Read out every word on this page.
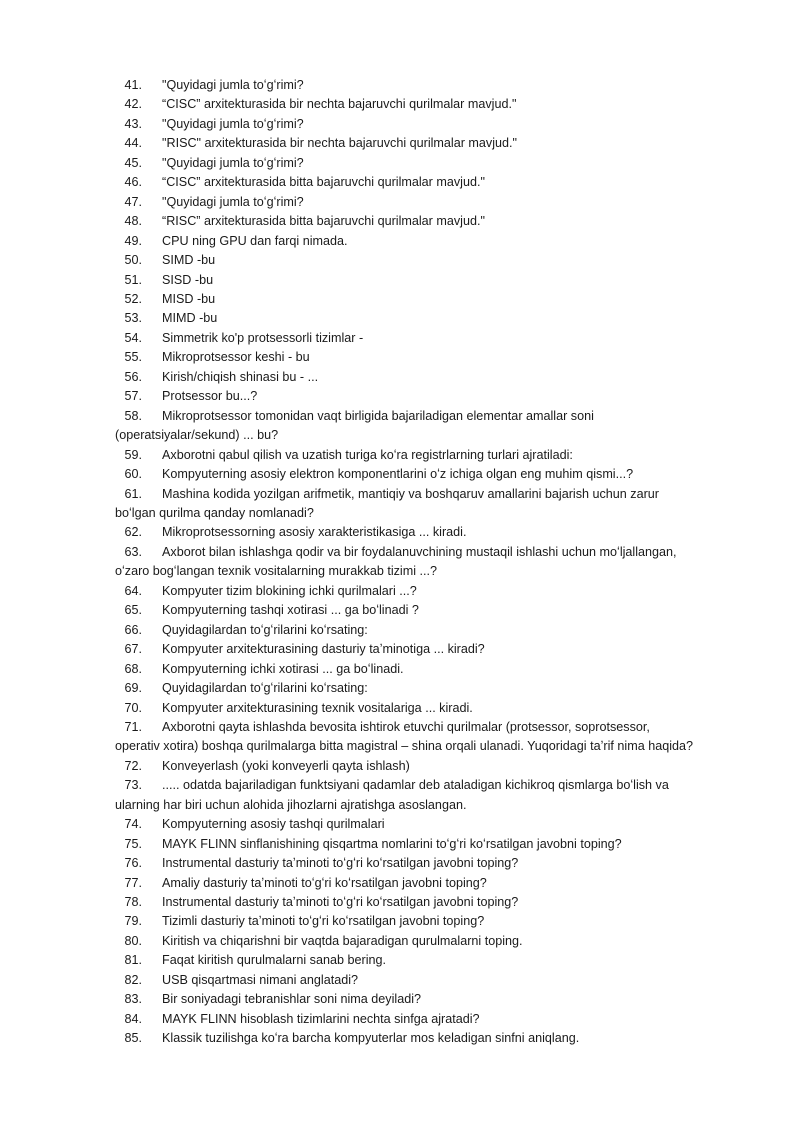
41.	"Quyidagi jumla toʻgʻrimi?
42.	“CISC” arxitekturasida bir nechta bajaruvchi qurilmalar mavjud."
43.	"Quyidagi jumla toʻgʻrimi?
44.	"RISC" arxitekturasida bir nechta bajaruvchi qurilmalar mavjud."
45.	"Quyidagi jumla toʻgʻrimi?
46.	“CISC” arxitekturasida bitta bajaruvchi qurilmalar mavjud."
47.	"Quyidagi jumla toʻgʻrimi?
48.	“RISC” arxitekturasida bitta bajaruvchi qurilmalar mavjud."
49.	CPU ning GPU dan farqi nimada.
50.	SIMD -bu
51.	SISD -bu
52.	MISD -bu
53.	MIMD -bu
54.	Simmetrik ko'p protsessorli tizimlar -
55.	Mikroprotsessor keshi - bu
56.	Kirish/chiqish shinasi bu - ...
57.	Protsessor bu...?
58.	Mikroprotsessor tomonidan vaqt birligida bajariladigan elementar amallar soni
(operatsiyalar/sekund) ... bu?
59.	Axborotni qabul qilish va uzatish turiga koʻra registrlarning turlari ajratiladi:
60.	Kompyuterning asosiy elektron komponentlarini oʻz ichiga olgan eng muhim qismi...?
61.	Mashina kodida yozilgan arifmetik, mantiqiy va boshqaruv amallarini bajarish uchun zarur
boʻlgan qurilma qanday nomlanadi?
62.	Mikroprotsessorning asosiy xarakteristikasiga ... kiradi.
63.	Axborot bilan ishlashga qodir va bir foydalanuvchining mustaqil ishlashi uchun moʻljallangan,
oʻzaro bogʻlangan texnik vositalarning murakkab tizimi ...?
64.	Kompyuter tizim blokining ichki qurilmalari ...?
65.	Kompyuterning tashqi xotirasi ... ga boʻlinadi ?
66.	Quyidagilardan toʻgʻrilarini koʻrsating:
67.	Kompyuter arxitekturasining dasturiy taʼminotiga ... kiradi?
68.	Kompyuterning ichki xotirasi ... ga boʻlinadi.
69.	Quyidagilardan toʻgʻrilarini koʻrsating:
70.	Kompyuter arxitekturasining texnik vositalariga ... kiradi.
71.	Axborotni qayta ishlashda bevosita ishtirok etuvchi qurilmalar (protsessor, soprotsessor,
operativ xotira) boshqa qurilmalarga bitta magistral – shina orqali ulanadi. Yuqoridagi taʼrif nima haqida?
72.	Konveyerlash (yoki konveyerli qayta ishlash)
73.	..... odatda bajariladigan funktsiyani qadamlar deb ataladigan kichikroq qismlarga boʻlish va
ularning har biri uchun alohida jihozlarni ajratishga asoslangan.
74.	Kompyuterning asosiy tashqi qurilmalari
75.	MAYK FLINN sinflanishining qisqartma nomlarini toʻgʻri koʻrsatilgan javobni toping?
76.	Instrumental dasturiy taʼminoti toʻgʻri koʻrsatilgan javobni toping?
77.	Amaliy dasturiy taʼminoti toʻgʻri koʻrsatilgan javobni toping?
78.	Instrumental dasturiy taʼminoti toʻgʻri koʻrsatilgan javobni toping?
79.	Tizimli dasturiy taʼminoti toʻgʻri koʻrsatilgan javobni toping?
80.	Kiritish va chiqarishni bir vaqtda bajaradigan qurulmalarni toping.
81.	Faqat kiritish qurulmalarni sanab bering.
82.	USB qisqartmasi nimani anglatadi?
83.	Bir soniyadagi tebranishlar soni nima deyiladi?
84.	MAYK FLINN hisoblash tizimlarini nechta sinfga ajratadi?
85.	Klassik tuzilishga koʻra barcha kompyuterlar mos keladigan sinfni aniqlang.
